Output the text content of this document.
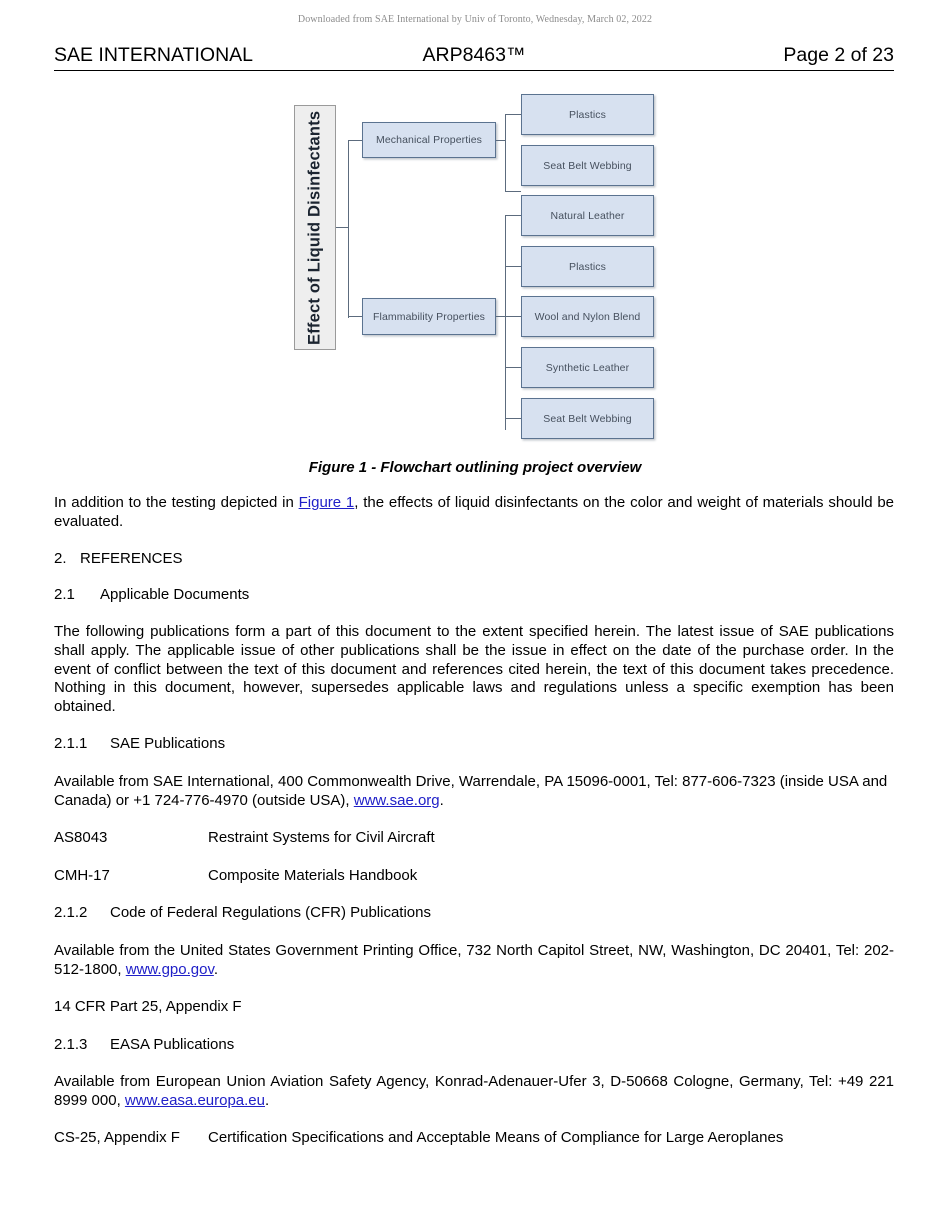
Downloaded from SAE International by Univ of Toronto, Wednesday, March 02, 2022
SAE INTERNATIONAL	ARP8463™	Page 2 of 23
Effect of Liquid Disinfectants	Mechanical Properties
Flammability Properties
Plastics
Seat Belt Webbing
Natural Leather
Plastics
Wool and Nylon Blend
Synthetic Leather
Seat Belt Webbing
Figure 1 - Flowchart outlining project overview

In addition to the testing depicted in Figure 1, the effects of liquid disinfectants on the color and weight of materials should be evaluated.

2. REFERENCES
2.1 Applicable Documents

The following publications form a part of this document to the extent specified herein. The latest issue of SAE publications shall apply. The applicable issue of other publications shall be the issue in effect on the date of the purchase order. In the event of conflict between the text of this document and references cited herein, the text of this document takes precedence. Nothing in this document, however, supersedes applicable laws and regulations unless a specific exemption has been obtained.

2.1.1 SAE Publications

Available from SAE International, 400 Commonwealth Drive, Warrendale, PA 15096-0001, Tel: 877-606-7323 (inside USA and Canada) or +1 724-776-4970 (outside USA), www.sae.org.

AS8043	Restraint Systems for Civil Aircraft
CMH-17	Composite Materials Handbook
2.1.2 Code of Federal Regulations (CFR) Publications

Available from the United States Government Printing Office, 732 North Capitol Street, NW, Washington, DC 20401, Tel: 202-512-1800, www.gpo.gov.

14 CFR Part 25, Appendix F
2.1.3 EASA Publications

Available from European Union Aviation Safety Agency, Konrad-Adenauer-Ufer 3, D-50668 Cologne, Germany, Tel: +49 221 8999 000, www.easa.europa.eu.

CS-25, Appendix F Certification Specifications and Acceptable Means of Compliance for Large Aeroplanes
